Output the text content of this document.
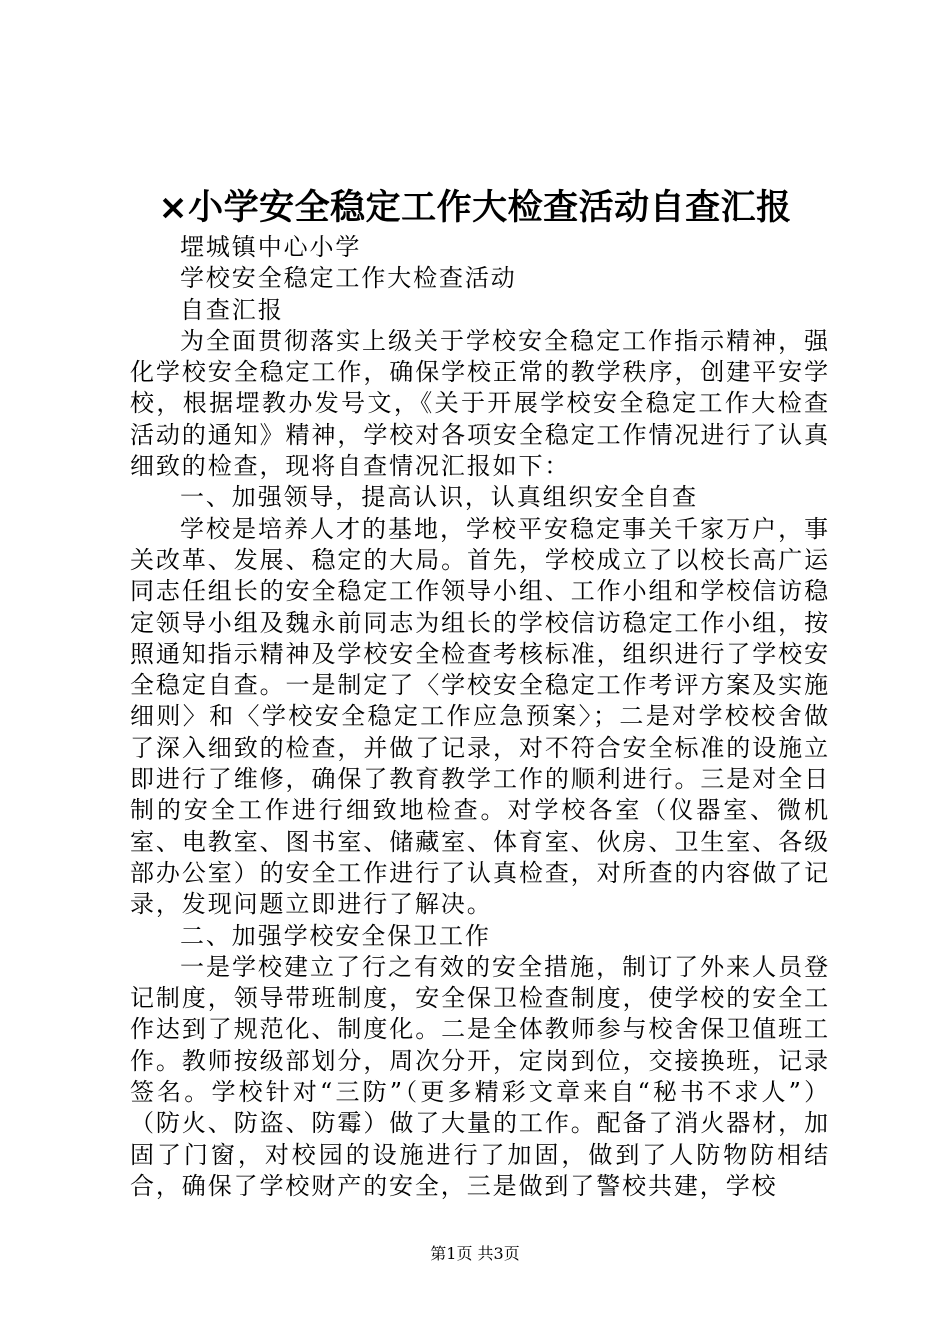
×小学安全稳定工作大检查活动自查汇报

堽城镇中心小学

学校安全稳定工作大检查活动

自查汇报

为全面贯彻落实上级关于学校安全稳定工作指示精神，强化学校安全稳定工作，确保学校正常的教学秩序，创建平安学校，根据堽教办发号文，《关于开展学校安全稳定工作大检查活动的通知》精神，学校对各项安全稳定工作情况进行了认真细致的检查，现将自查情况汇报如下：

一、加强领导，提高认识，认真组织安全自查

学校是培养人才的基地，学校平安稳定事关千家万户，事关改革、发展、稳定的大局。首先，学校成立了以校长高广运同志任组长的安全稳定工作领导小组、工作小组和学校信访稳定领导小组及魏永前同志为组长的学校信访稳定工作小组，按照通知指示精神及学校安全检查考核标准，组织进行了学校安全稳定自查。一是制定了〈学校安全稳定工作考评方案及实施细则〉和〈学校安全稳定工作应急预案〉；二是对学校校舍做了深入细致的检查，并做了记录，对不符合安全标准的设施立即进行了维修，确保了教育教学工作的顺利进行。三是对全日制的安全工作进行细致地检查。对学校各室（仪器室、微机室、电教室、图书室、储藏室、体育室、伙房、卫生室、各级部办公室）的安全工作进行了认真检查，对所查的内容做了记录，发现问题立即进行了解决。

二、加强学校安全保卫工作

一是学校建立了行之有效的安全措施，制订了外来人员登记制度，领导带班制度，安全保卫检查制度，使学校的安全工作达到了规范化、制度化。二是全体教师参与校舍保卫值班工作。教师按级部划分，周次分开，定岗到位，交接换班，记录签名。学校针对“三防”（更多精彩文章来自“秘书不求人”）（防火、防盗、防霉）做了大量的工作。配备了消火器材，加固了门窗，对校园的设施进行了加固，做到了人防物防相结合，确保了学校财产的安全，三是做到了警校共建，学校

第1页 共3页
